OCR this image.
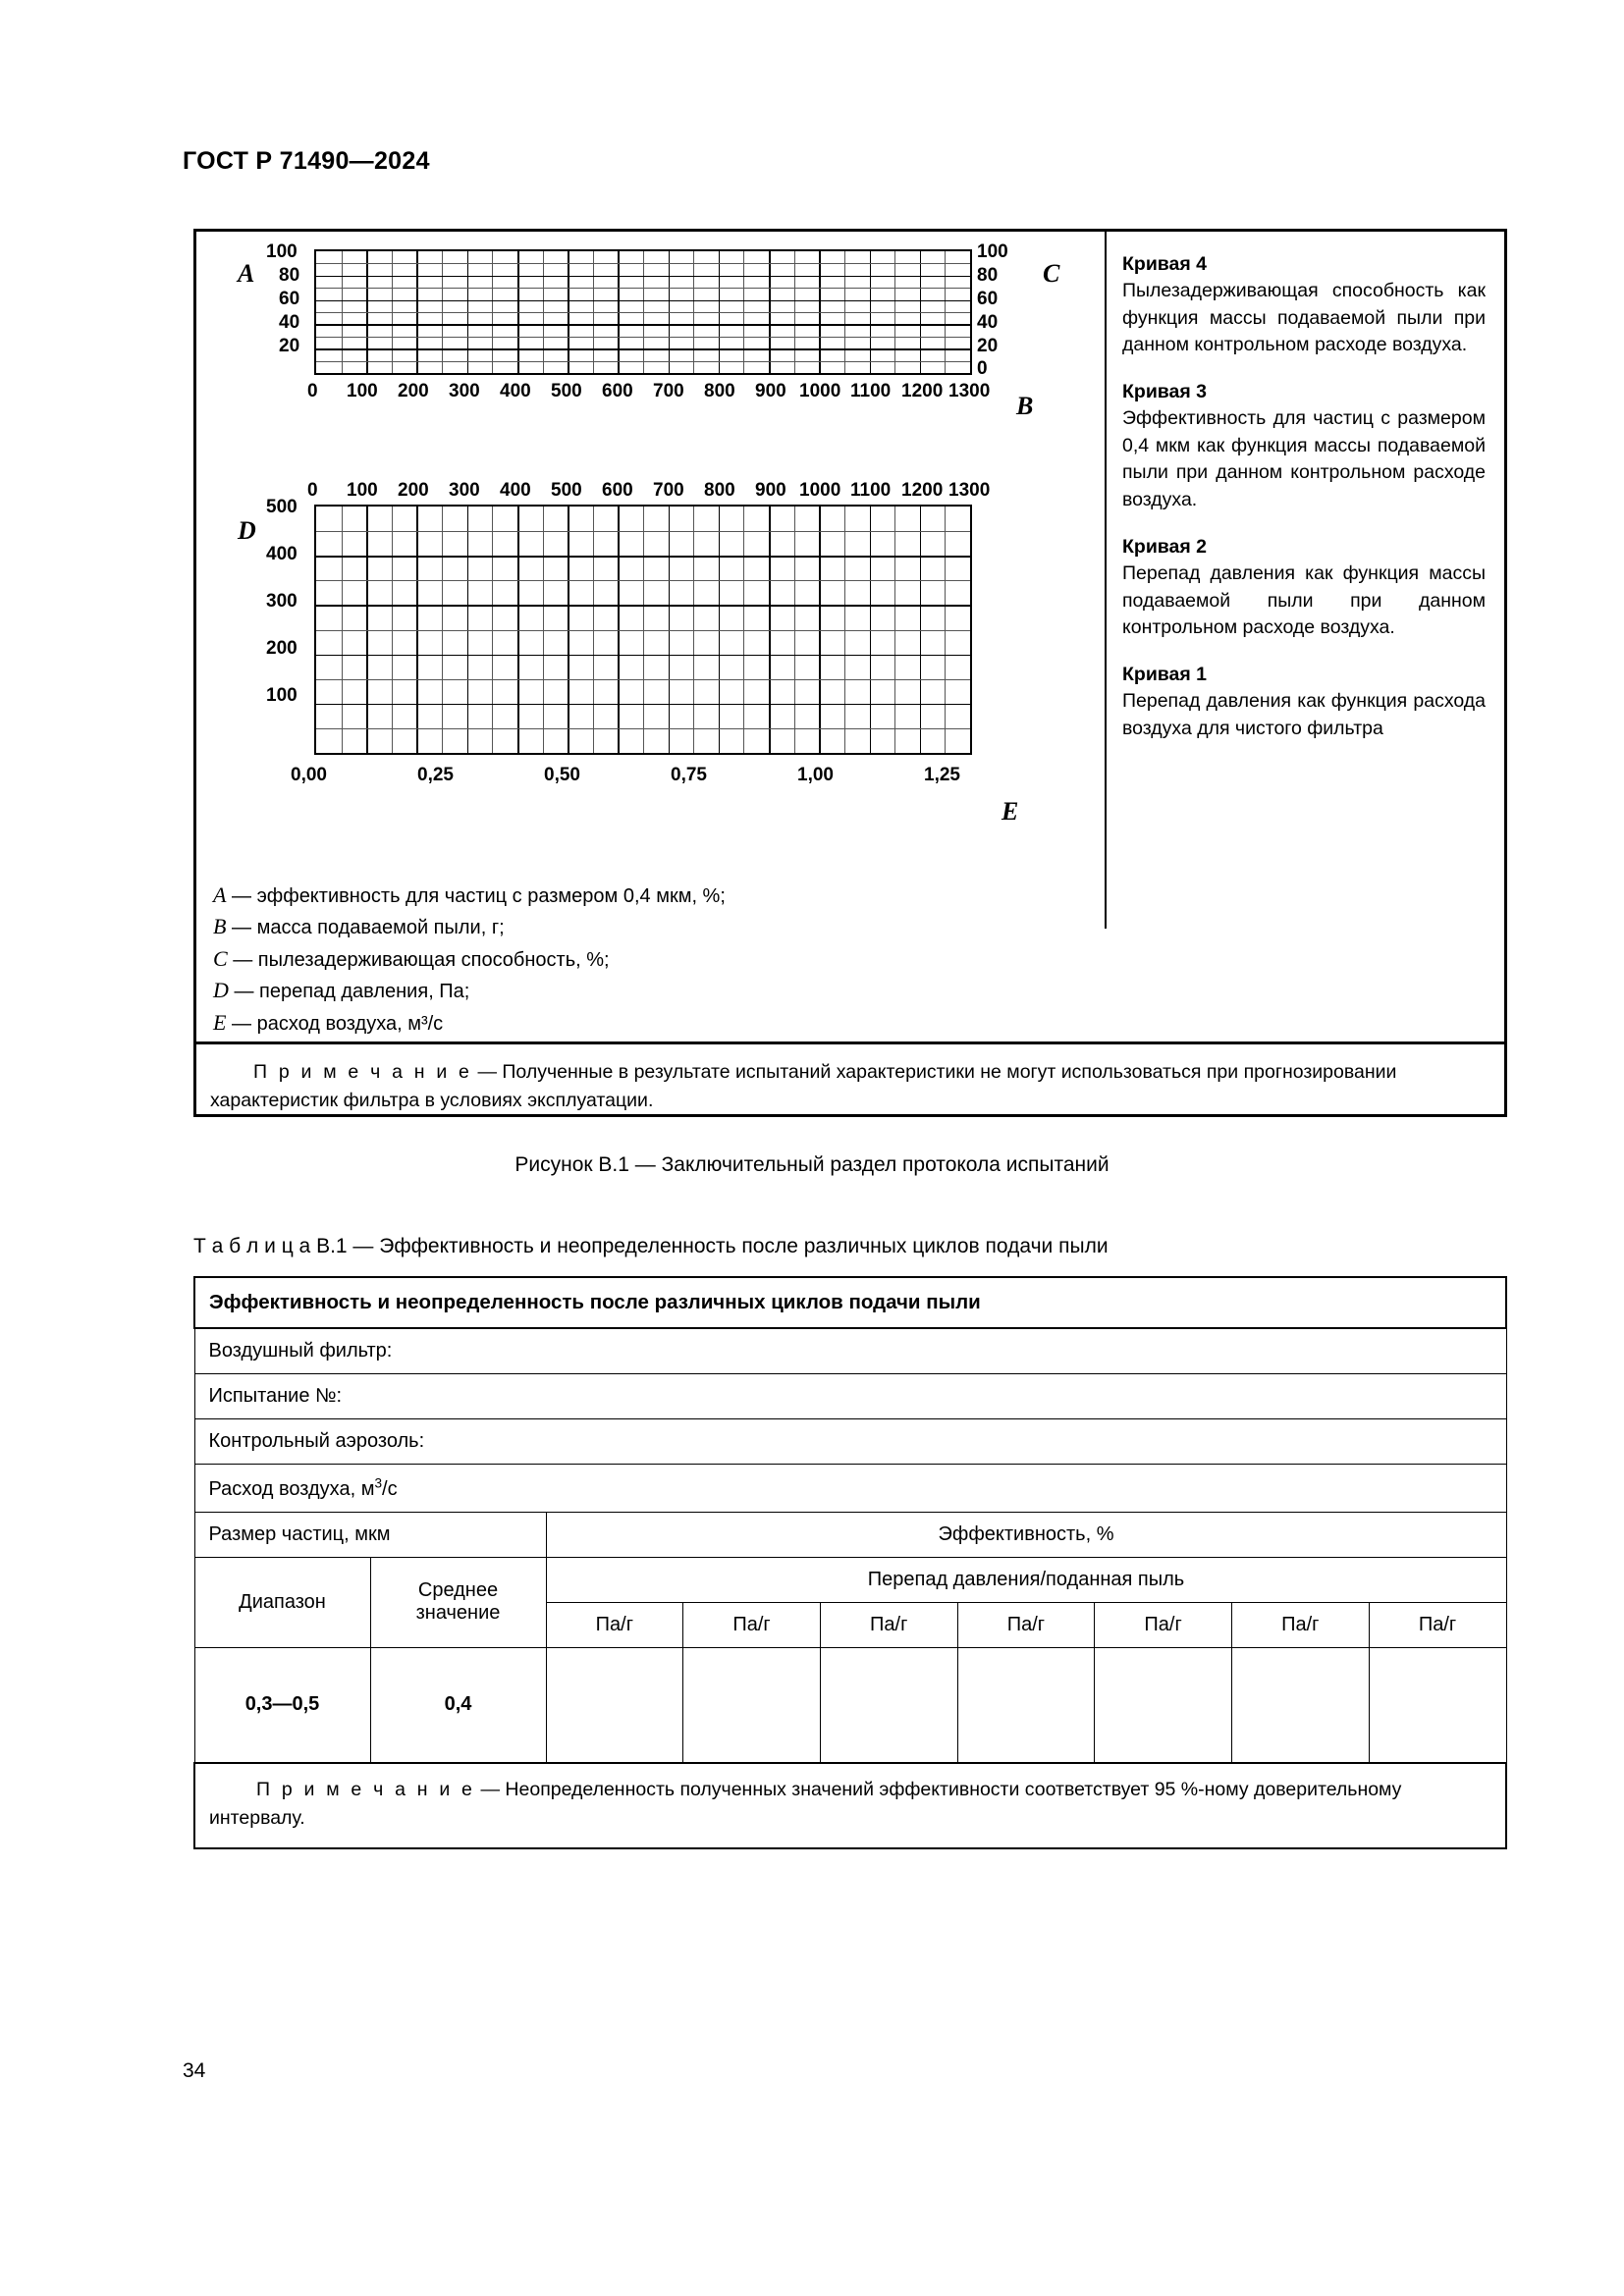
ГОСТ Р 71490—2024
A	C
B
100
80
60
40
20
100
80
60
40
20
0
0 100 200 300 400 500 600 700 800 900 1000 1100 1200 1300
D
E
0 100 200 300 400 500 600 700 800 900 1000 1100 1200 1300
500
400
300
200
100
0,00	0,25	0,50	0,75	1,00	1,25
A — эффективность для частиц с размером 0,4 мкм, %;
B — масса подаваемой пыли, г;
C — пылезадерживающая способность, %;
D — перепад давления, Па;
E — расход воздуха, м³/с
Кривая 4
Пылезадерживающая способность как функция массы подаваемой пыли при данном контрольном расходе воздуха.
Кривая 3
Эффективность для частиц с размером 0,4 мкм как функция массы подаваемой пыли при данном контрольном расходе воздуха.
Кривая 2
Перепад давления как функция массы подаваемой пыли при данном контрольном расходе воздуха.
Кривая 1
Перепад давления как функция расхода воздуха для чистого фильтра
П р и м е ч а н и е — Полученные в результате испытаний характеристики не могут использоваться при прогнозировании характеристик фильтра в условиях эксплуатации.
Рисунок В.1 — Заключительный раздел протокола испытаний
Т а б л и ц а В.1 — Эффективность и неопределенность после различных циклов подачи пыли
Эффективность и неопределенность после различных циклов подачи пыли								
Воздушный фильтр:								
Испытание №:								
Контрольный аэрозоль:								
Расход воздуха, $м^3/с$								
Размер частиц, мкм		Эффективность, %						
Диапазон	Среднее значение	Перепад давления/поданная пыль						
		Па/г	Па/г	Па/г	Па/г	Па/г	Па/г	Па/г
0,3—0,5	0,4							
П р и м е ч а н и е — Неопределенность полученных значений эффективности соответствует 95 %-ному доверительному интервалу.								
34
